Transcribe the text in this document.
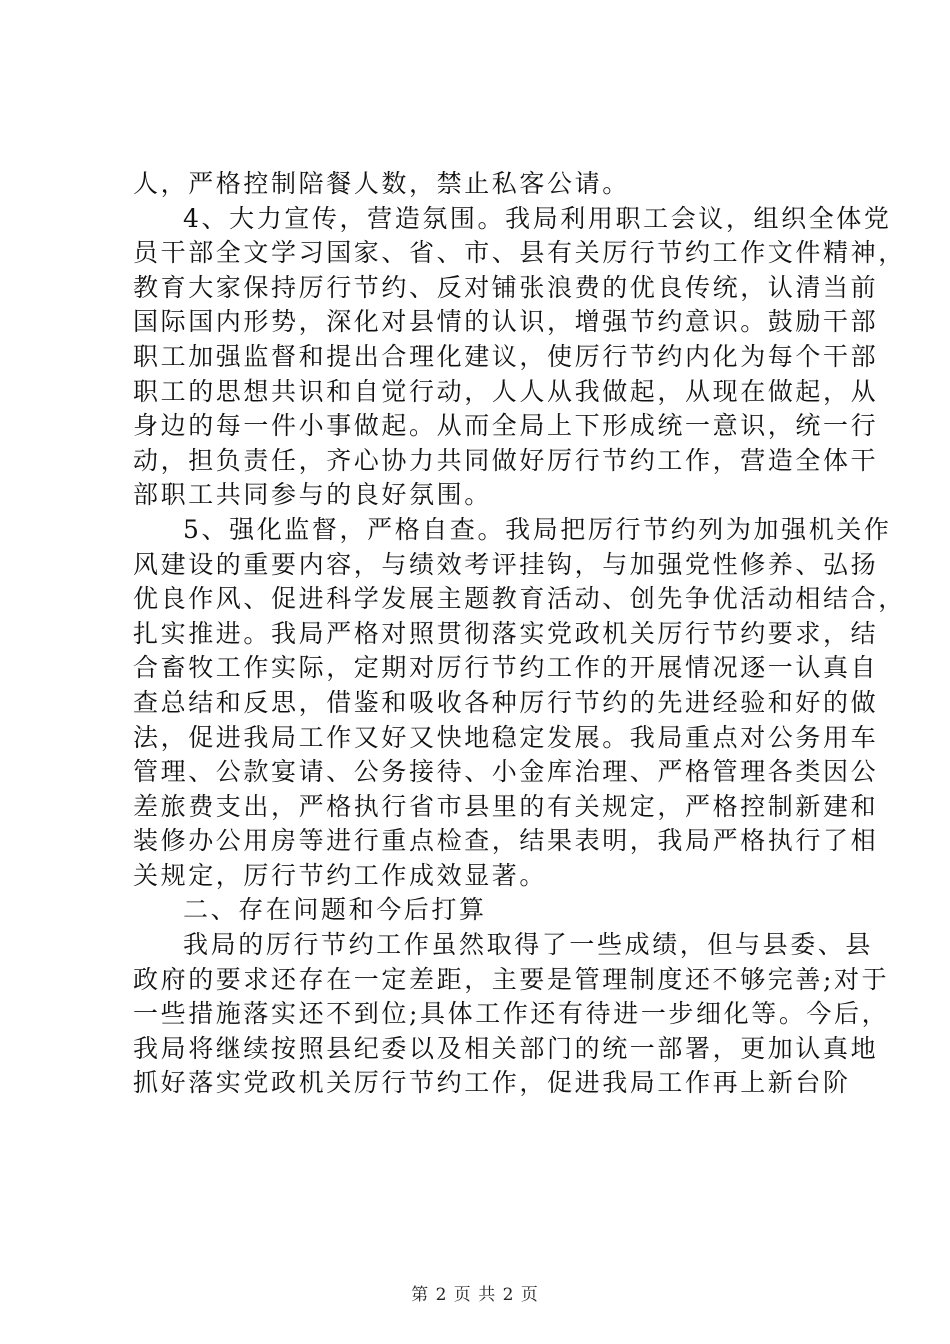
人，严格控制陪餐人数，禁止私客公请。
4、大力宣传，营造氛围。我局利用职工会议，组织全体党
员干部全文学习国家、省、市、县有关厉行节约工作文件精神，
教育大家保持厉行节约、反对铺张浪费的优良传统，认清当前
国际国内形势，深化对县情的认识，增强节约意识。鼓励干部
职工加强监督和提出合理化建议，使厉行节约内化为每个干部
职工的思想共识和自觉行动，人人从我做起，从现在做起，从
身边的每一件小事做起。从而全局上下形成统一意识，统一行
动，担负责任，齐心协力共同做好厉行节约工作，营造全体干
部职工共同参与的良好氛围。
5、强化监督，严格自查。我局把厉行节约列为加强机关作
风建设的重要内容，与绩效考评挂钩，与加强党性修养、弘扬
优良作风、促进科学发展主题教育活动、创先争优活动相结合，
扎实推进。我局严格对照贯彻落实党政机关厉行节约要求，结
合畜牧工作实际，定期对厉行节约工作的开展情况逐一认真自
查总结和反思，借鉴和吸收各种厉行节约的先进经验和好的做
法，促进我局工作又好又快地稳定发展。我局重点对公务用车
管理、公款宴请、公务接待、小金库治理、严格管理各类因公
差旅费支出，严格执行省市县里的有关规定，严格控制新建和
装修办公用房等进行重点检查，结果表明，我局严格执行了相
关规定，厉行节约工作成效显著。
二、存在问题和今后打算
我局的厉行节约工作虽然取得了一些成绩，但与县委、县
政府的要求还存在一定差距，主要是管理制度还不够完善;对于
一些措施落实还不到位;具体工作还有待进一步细化等。今后，
我局将继续按照县纪委以及相关部门的统一部署，更加认真地
抓好落实党政机关厉行节约工作，促进我局工作再上新台阶
第 2 页 共 2 页
